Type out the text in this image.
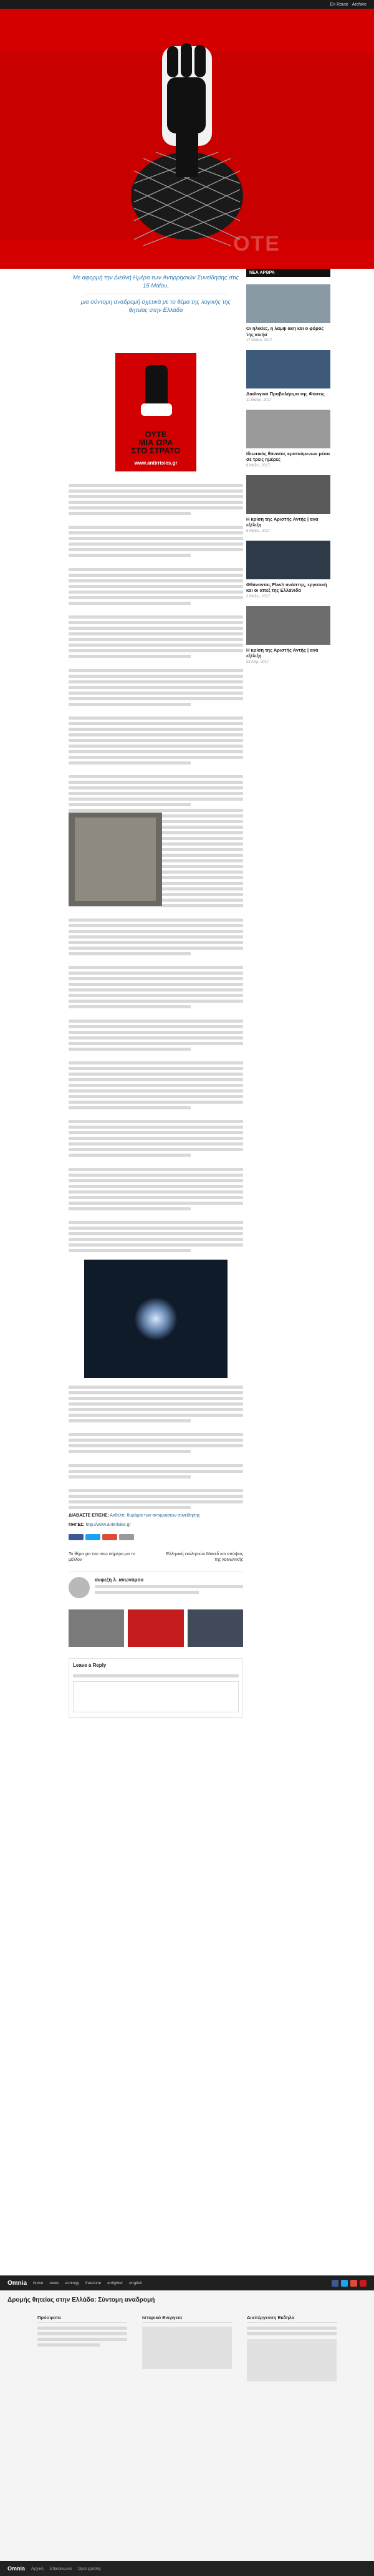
En Route Archive
ΟΤΕ
Με αφορμή την Διεθνή Ημέρα των Αντιρρησιών Συνείδησης στις 15 Μαΐου,
μια σύντομη αναδρομή σχετικά με το θέμα της λογικής της θητείας στην Ελλάδα
ΟΥΤΕ
ΜΙΑ ΩΡΑ
ΣΤΟ ΣΤΡΑΤΟ
www.antirrisies.gr
ΔΙΑΒΑΣΤΕ ΕΠΙΣΗΣ: Ανθέλπ. θυμάμαι των αντιρρησιών συνείδησης
ΠΗΓΕΣ: http://www.antirrisies.gr
Το θέμα για του ανω σήμερα μα το μέλλον
Ελληνική εκκλησιών Μακεδ και απόψεις της κοινωνικής
ανφεζη λ. ανωνύμου
Leave a Reply
ΝΕΑ ΑΡΘΡΑ
Οι ηλικίες, η λαμψ ακη και ο φόρος της κινήσ
17 Μαΐου, 2017
Διαλογικό Προβολήσμα της Φύσεις
11 Μαΐου, 2017
Ιδιωτικός θάνατος κρατούμενων μέσα σε τρεις ημέρες
8 Μαΐου, 2017
Η κρίση της Αριστής Αντής | ανα εξέλιξη
5 Μαΐου, 2017
Φθάνοντας Flash ανάπτης, εργατική και οι απεξ της Ελλάνιδα
2 Μαΐου, 2017
Η κρίση της Αριστής Αντής | ανα εξέλιξη
28 Απρ, 2017
Omnia home news ecology freezone enlighter english
Δρομής θητείας στην Ελλάδα: Σύντομη αναδρομή
Πρόσφατα	Ιστορικό Ενεργεια	Διαπέργενση Εκδηλα
Omnia Αρχική Επικοινωνία Όροι χρήσης
